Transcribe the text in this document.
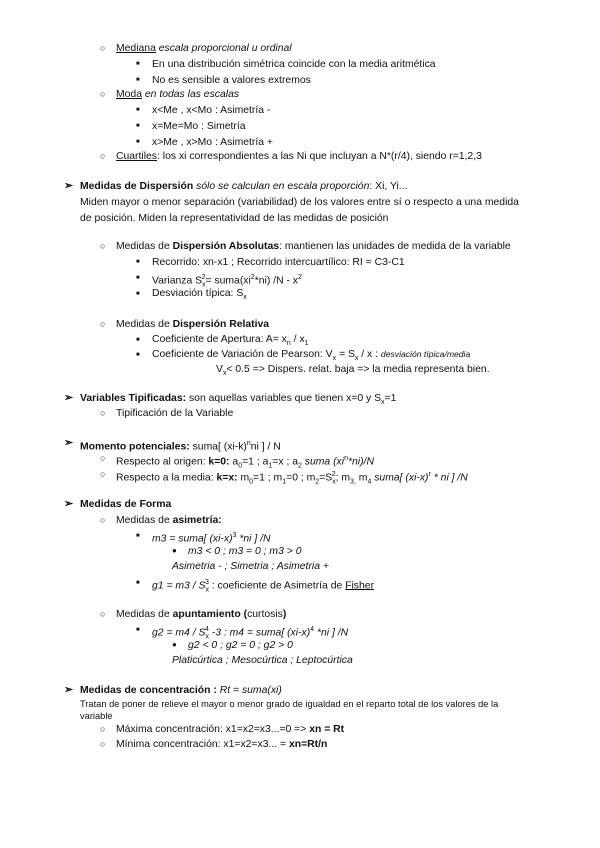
○ Mediana escala proporcional u ordinal
■ En una distribución simétrica coincide con la media aritmética
■ No es sensible a valores extremos
○ Moda en todas las escalas
■ x<Me , x<Mo : Asimetría -
■ x=Me=Mo : Simetría
■ x>Me , x>Mo : Asimetría +
○ Cuartiles: los xi correspondientes a las Ni que incluyan a N*(r/4), siendo r=1,2,3
➢ Medidas de Dispersión sólo se calculan en escala proporción: Xi, Yi...
Miden mayor o menor separación (variabilidad) de los valores entre sí o respecto a una medida
de posición. Miden la representatividad de las medidas de posición
○ Medidas de Dispersión Absolutas: mantienen las unidades de medida de la variable
■ Recorrido: xn-x1 ; Recorrido intercuartílico: RI = C3-C1
■ Varianza $S_x^2=$ $suma(xi^2*ni)$ $/N - x^2$
■ Desviación típica: $S_x$
○ Medidas de Dispersión Relativa
■ Coeficiente de Apertura: $A= x_n / x_1$
■ Coeficiente de Variación de Pearson: $V_x = S_x / x$ : desviación típica/media
$V_x< 0.5$ => Dispers. relat. baja => la media representa bien.
➢ Variables Tipificadas: son aquellas variables que tienen x=0 y $S_x=1$
○ Tipificación de la Variable
➢ Momento potenciales: suma[ $(xi-k)^nni$ ] / N
○ Respecto al origen: k=0: $a_0=1$ ; $a_1=x$ ; $a_2$ suma $(xi^n*ni)/N$
○ Respecto a la media: k=x: $m_0=1$ ; $m_1=0$ ; $m_2=S_x^2$; $m_{3,}$ $m_4$ suma[ $(xi-x)^r$ * ni ] /N
➢ Medidas de Forma
○ Medidas de asimetría:
■ m3 = suma[ $(xi-x)^3$ *ni ] /N
● m3 < 0 ; m3 = 0 ; m3 > 0
Asimetria - ; Simetria ; Asimetria +
■ $g1 = m3 / S_x^3$ : coeficiente de Asimetría de Fisher
○ Medidas de apuntamiento (curtosis)
■ $g2 = m4 / S_x^4$ -3 : m4 = suma[ $(xi-x)^4$ *ni ] /N
● g2 < 0 ; g2 = 0 ; g2 > 0
Platicúrtica ; Mesocúrtica ; Leptocúrtica
➢ Medidas de concentración : Rt = suma(xi)
Tratan de poner de relieve el mayor o menor grado de igualdad en el reparto total de los valores de la
variable
○ Máxima concentración: x1=x2=x3...=0 => xn = Rt
○ Mínima concentración: x1=x2=x3... = xn=Rt/n
